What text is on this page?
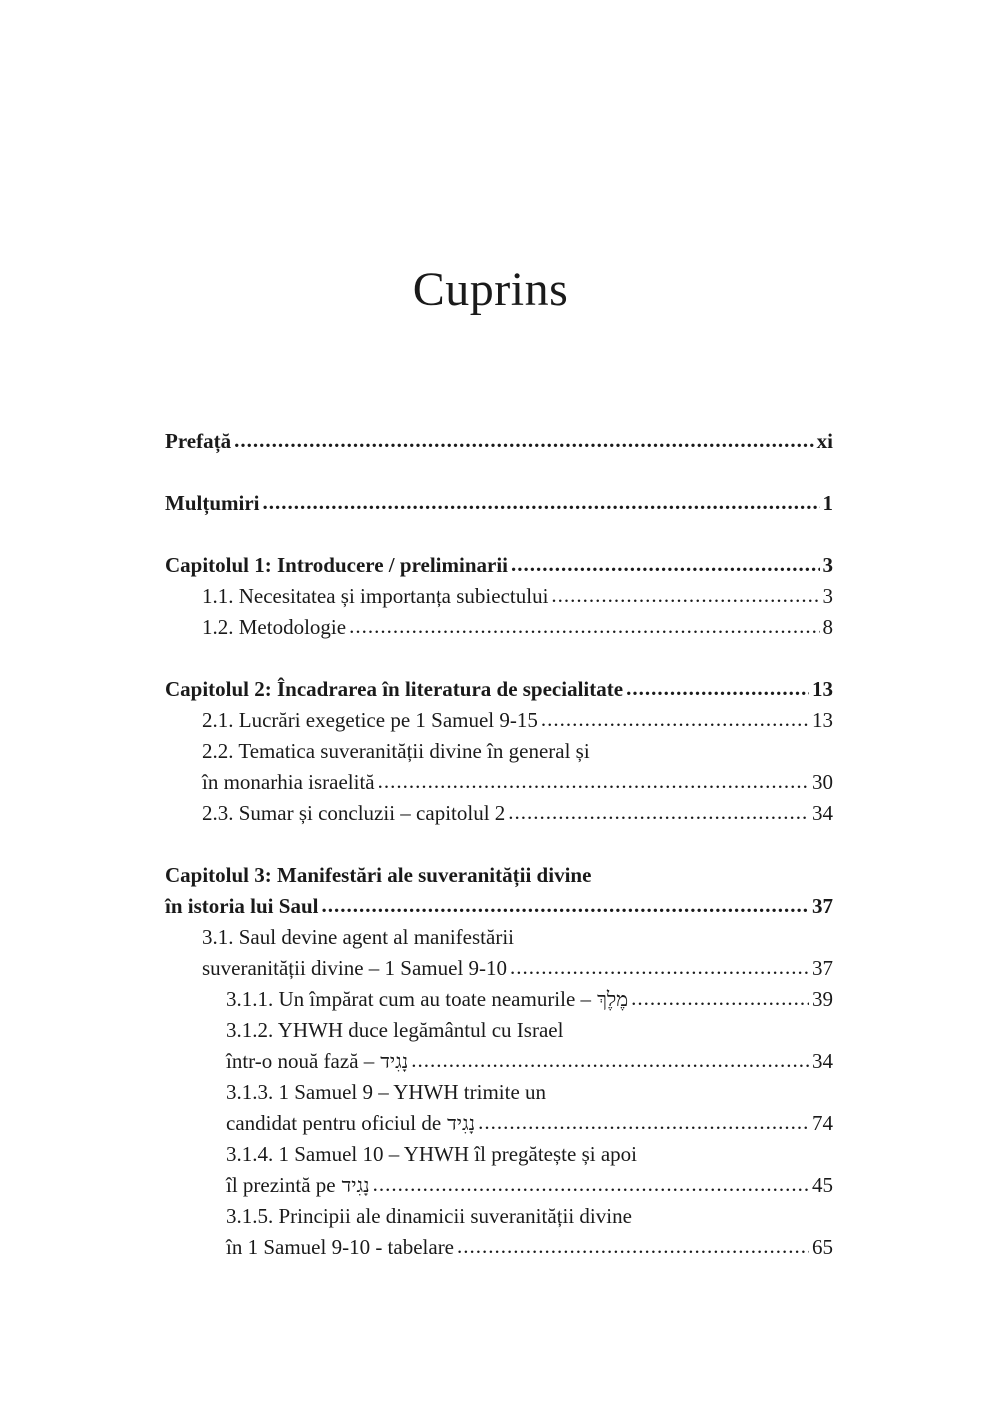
Cuprins
Prefață .....	xi
Mulțumiri .....	1
Capitolul 1: Introducere / preliminarii .....	3
1.1. Necesitatea și importanța subiectului .....	3
1.2. Metodologie .....	8
Capitolul 2: Încadrarea în literatura de specialitate .....	13
2.1. Lucrări exegetice pe 1 Samuel 9-15 .....	13
2.2. Tematica suveranității divine în general și
în monarhia israelită .....	30
2.3. Sumar și concluzii – capitolul 2 .....	34
Capitolul 3: Manifestări ale suveranității divine
în istoria lui Saul .....	37
3.1. Saul devine agent al manifestării
suveranității divine – 1 Samuel 9-10 .....	37
3.1.1. Un împărat cum au toate neamurile – מֶלֶךְ .....	39
3.1.2. YHWH duce legământul cu Israel
într-o nouă fază – נָגִיד .....	34
3.1.3. 1 Samuel 9 – YHWH trimite un
candidat pentru oficiul de נָגִיד .....	74
3.1.4. 1 Samuel 10 – YHWH îl pregătește și apoi
îl prezintă pe נָגִיד .....	45
3.1.5. Principii ale dinamicii suveranității divine
în 1 Samuel 9-10 - tabelare .....	65
